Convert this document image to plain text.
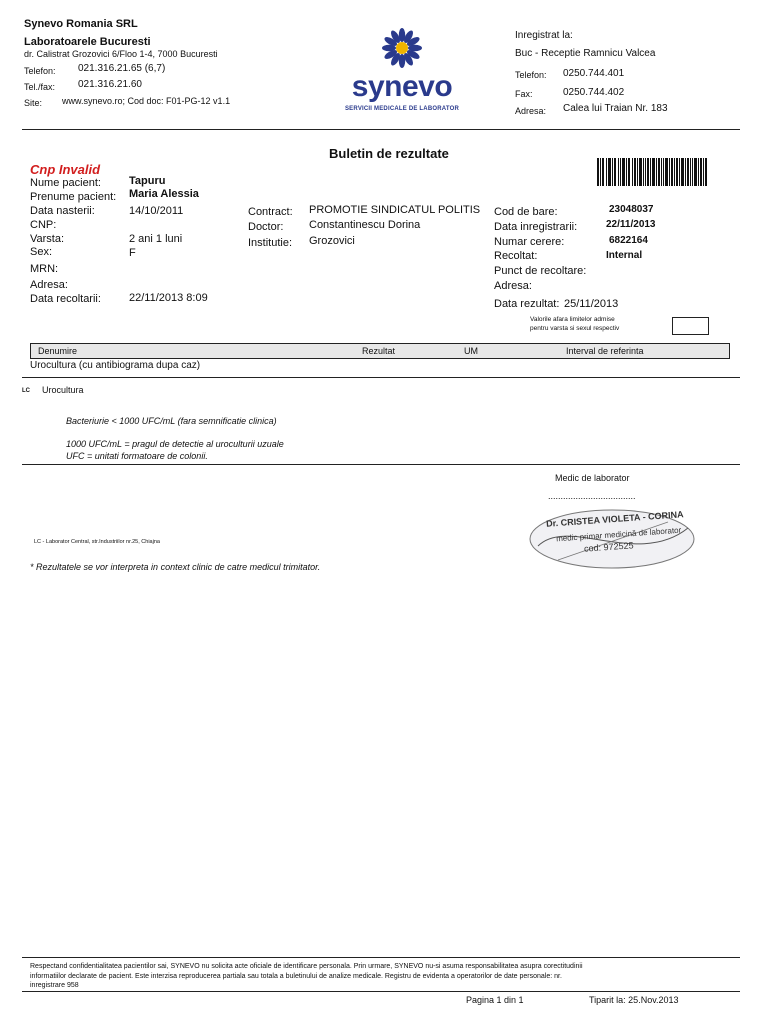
Synevo Romania SRL
Laboratoarele Bucuresti
dr. Calistrat Grozovici 6/Floo 1-4, 7000 Bucuresti
Telefon: 021.316.21.65 (6,7)
Tel./fax: 021.316.21.60
Site: www.synevo.ro; Cod doc: F01-PG-12 v1.1	synevo
SERVICII MEDICALE DE LABORATOR
Inregistrat la:
Buc - Receptie Ramnicu Valcea
Telefon: 0250.744.401
Fax:	0250.744.402
Adresa: Calea lui Traian Nr. 183
Buletin de rezultate
Cnp Invalid
Nume pacient:	Tapuru
Prenume pacient: Maria Alessia
Data nasterii:	14/10/2011
CNP:
Varsta:	2 ani 1 luni
Sex:	F
MRN:
Adresa:
Data recoltarii:	22/11/2013 8:09
Contract: PROMOTIE SINDICATUL POLITIS
Doctor: Constantinescu Dorina
Institutie: Grozovici
Cod de bare:	23048037
Data inregistrarii:	22/11/2013
Numar cerere:	6822164
Recoltat:	Internal
Punct de recoltare:
Adresa:
Data rezultat: 25/11/2013
Valorile afara limitelor admise
pentru varsta si sexul respectiv
Denumire	Rezultat	UM	Interval de referinta
Urocultura (cu antibiograma dupa caz)
LC Urocultura
Bacteriurie < 1000 UFC/mL (fara semnificatie clinica)
1000 UFC/mL = pragul de detectie al uroculturii uzuale
UFC = unitati formatoare de colonii.
Medic de laborator
...................................
Dr. CRISTEA VIOLETA - CORINA
medic primar medicină de laborator
cod: 972525
LC - Laborator Central, str.Industriilor nr.25, Chiajna
* Rezultatele se vor interpreta in context clinic de catre medicul trimitator.
Respectand confidentialitatea pacientilor sai, SYNEVO nu solicita acte oficiale de identificare personala. Prin urmare, SYNEVO nu-si asuma responsabilitatea asupra corectitudinii
informatiilor declarate de pacient. Este interzisa reproducerea partiala sau totala a buletinului de analize medicale. Registru de evidenta a operatorilor de date personale: nr.
inregistrare 958
Pagina 1 din 1	Tiparit la: 25.Nov.2013
